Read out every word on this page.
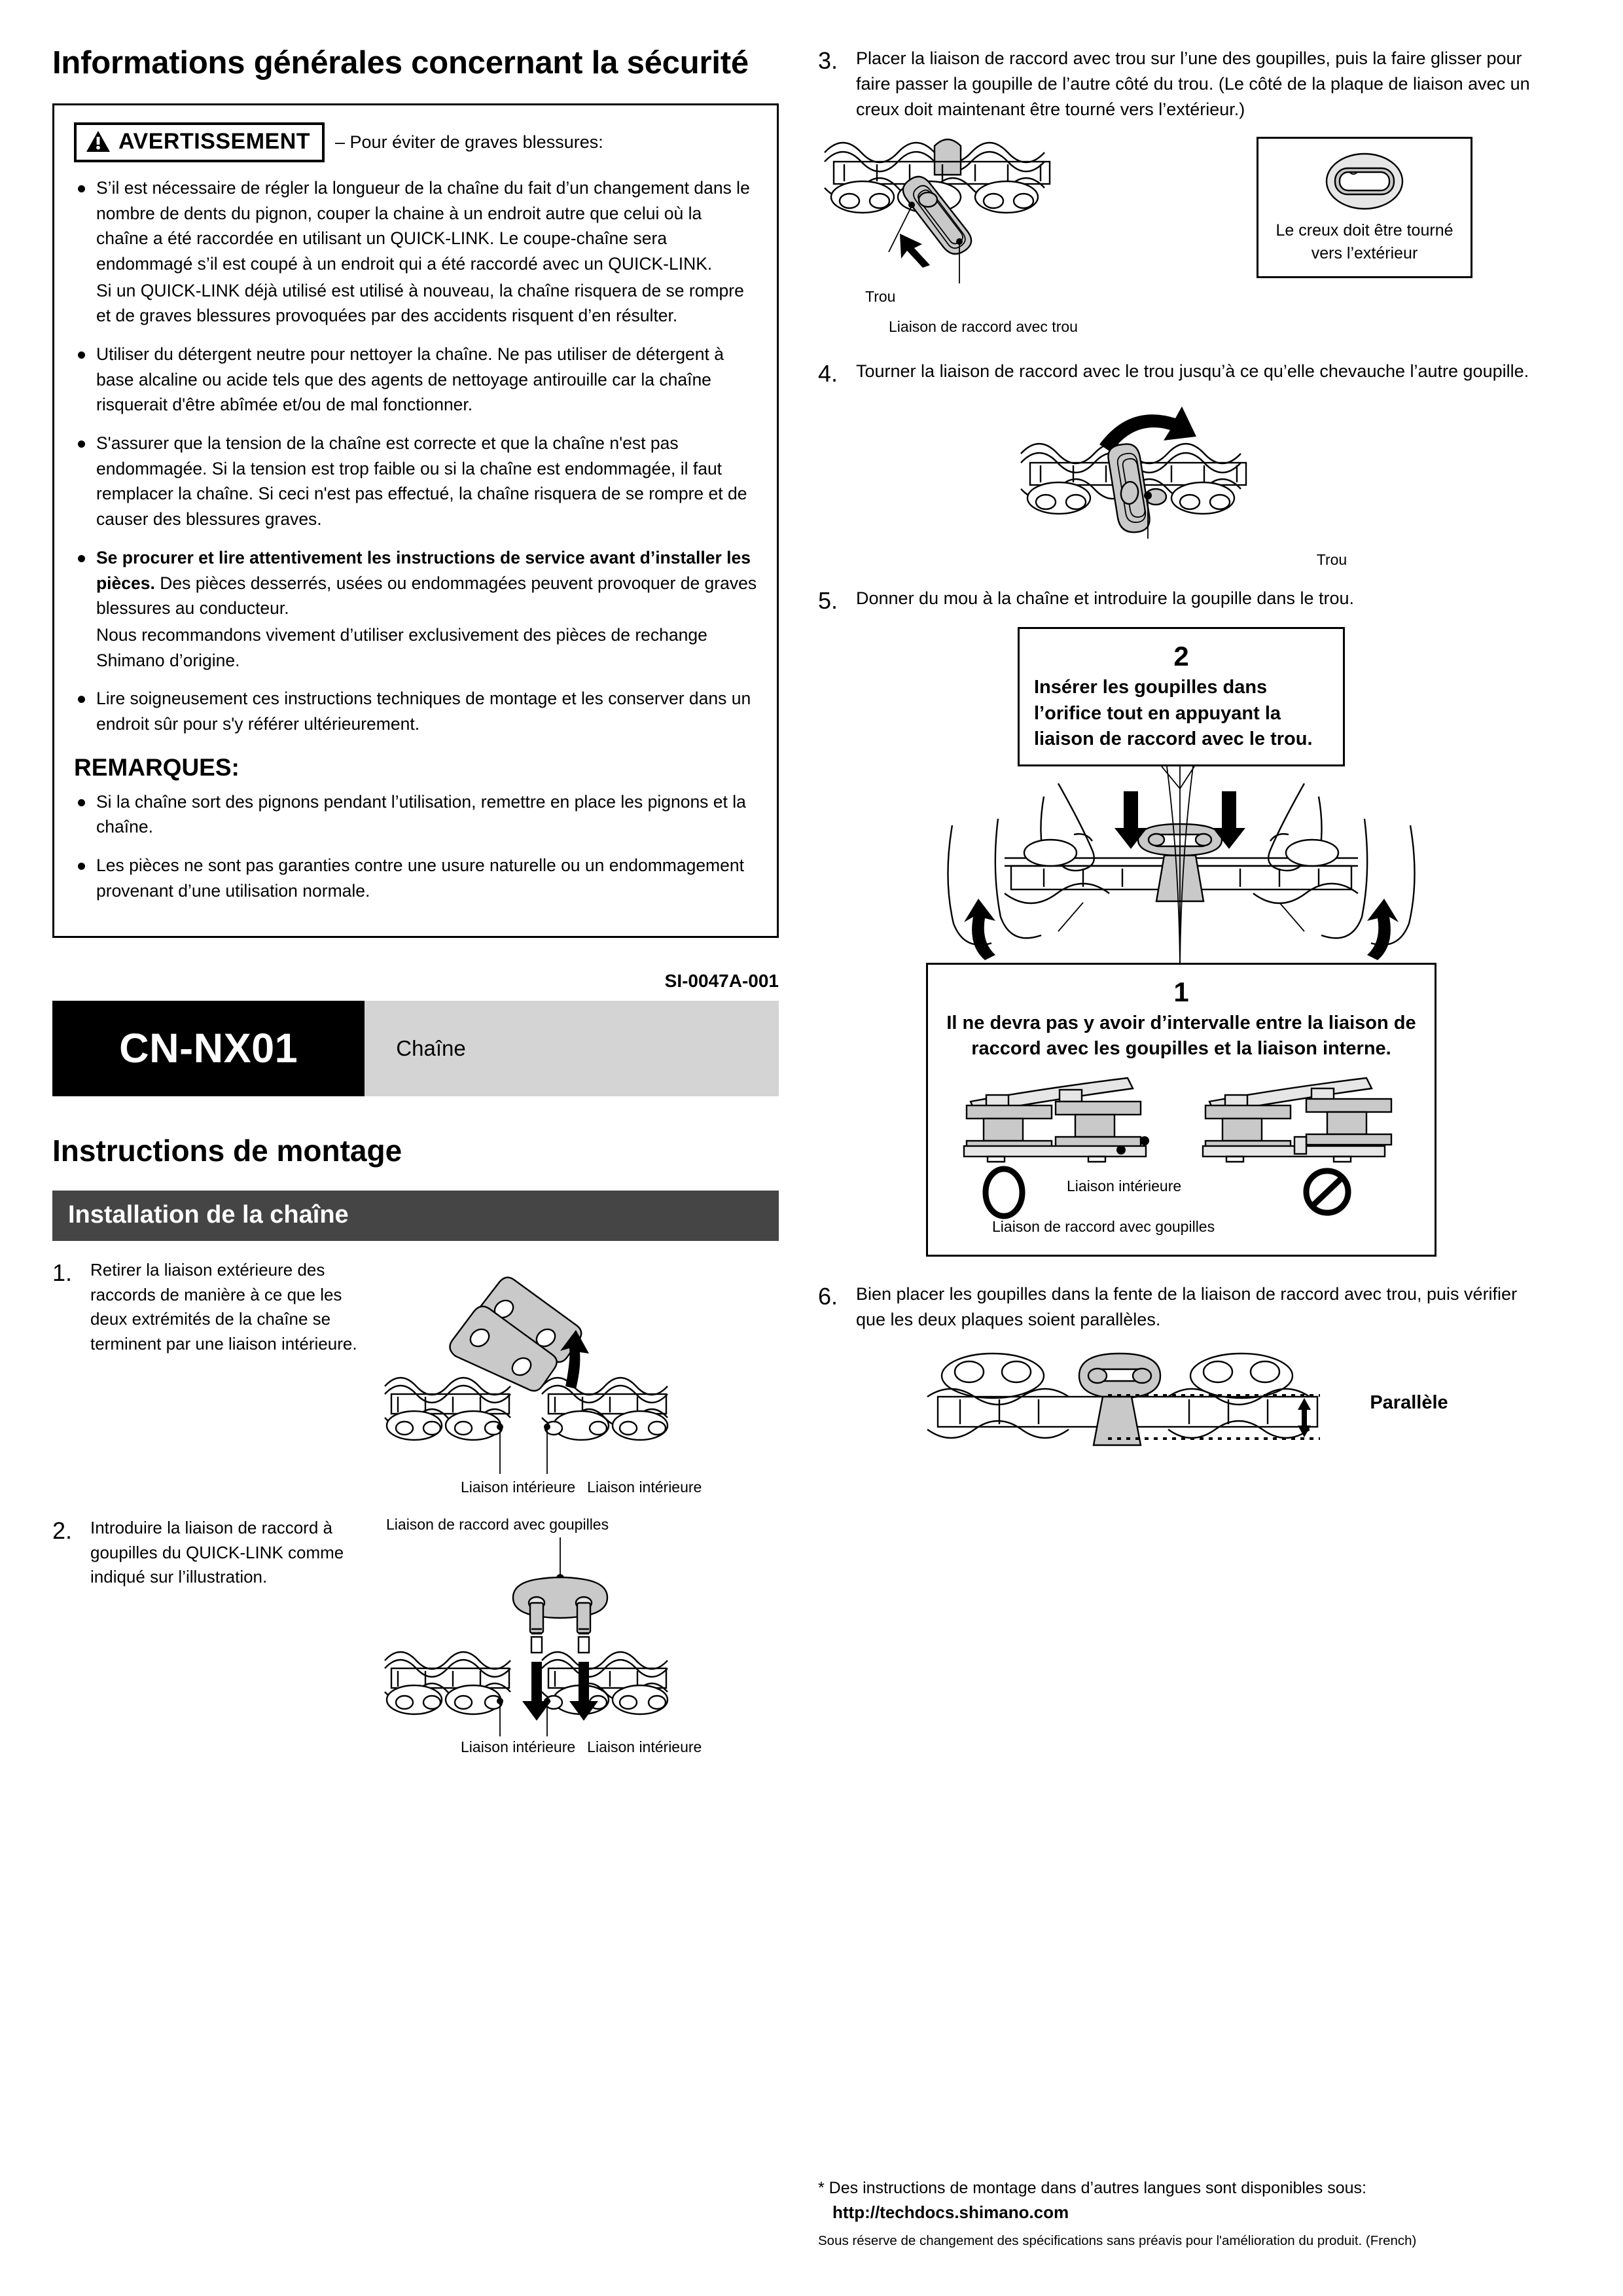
Informations générales concernant la sécurité
AVERTISSEMENT – Pour éviter de graves blessures:
S’il est nécessaire de régler la longueur de la chaîne du fait d’un changement dans le nombre de dents du pignon, couper la chaine à un endroit autre que celui où la chaîne a été raccordée en utilisant un QUICK-LINK. Le coupe-chaîne sera endommagé s’il est coupé à un endroit qui a été raccordé avec un QUICK-LINK.
Si un QUICK-LINK déjà utilisé est utilisé à nouveau, la chaîne risquera de se rompre et de graves blessures provoquées par des accidents risquent d’en résulter.
Utiliser du détergent neutre pour nettoyer la chaîne. Ne pas utiliser de détergent à base alcaline ou acide tels que des agents de nettoyage antirouille car la chaîne risquerait d'être abîmée et/ou de mal fonctionner.
S'assurer que la tension de la chaîne est correcte et que la chaîne n'est pas endommagée. Si la tension est trop faible ou si la chaîne est endommagée, il faut remplacer la chaîne. Si ceci n'est pas effectué, la chaîne risquera de se rompre et de causer des blessures graves.
Se procurer et lire attentivement les instructions de service avant d’installer les pièces. Des pièces desserrés, usées ou endommagées peuvent provoquer de graves blessures au conducteur.
Nous recommandons vivement d’utiliser exclusivement des pièces de rechange Shimano d’origine.
Lire soigneusement ces instructions techniques de montage et les conserver dans un endroit sûr pour s'y référer ultérieurement.
REMARQUES:
Si la chaîne sort des pignons pendant l’utilisation, remettre en place les pignons et la chaîne.
Les pièces ne sont pas garanties contre une usure naturelle ou un endommagement provenant d’une utilisation normale.
SI-0047A-001
CN-NX01	Chaîne
Instructions de montage
Installation de la chaîne
1.	Retirer la liaison extérieure des raccords de manière à ce que les deux extrémités de la chaîne se terminent par une liaison intérieure.
Liaison intérieure Liaison intérieure
2.	Introduire la liaison de raccord à goupilles du QUICK-LINK comme indiqué sur l’illustration.
Liaison de raccord avec goupilles
Liaison intérieure Liaison intérieure
3.	Placer la liaison de raccord avec trou sur l’une des goupilles, puis la faire glisser pour faire passer la goupille de l’autre côté du trou. (Le côté de la plaque de liaison avec un creux doit maintenant être tourné vers l’extérieur.)
Trou
Liaison de raccord avec trou
Le creux doit être tourné vers l’extérieur
4.	Tourner la liaison de raccord avec le trou jusqu’à ce qu’elle chevauche l’autre goupille.
Trou
5.	Donner du mou à la chaîne et introduire la goupille dans le trou.
2
Insérer les goupilles dans l’orifice tout en appuyant la liaison de raccord avec le trou.
1
Il ne devra pas y avoir d’intervalle entre la liaison de raccord avec les goupilles et la liaison interne.
Liaison intérieure
Liaison de raccord avec goupilles
6.	Bien placer les goupilles dans la fente de la liaison de raccord avec trou, puis vérifier que les deux plaques soient parallèles.
Parallèle
* Des instructions de montage dans d’autres langues sont disponibles sous:
http://techdocs.shimano.com
Sous réserve de changement des spécifications sans préavis pour l'amélioration du produit. (French)
